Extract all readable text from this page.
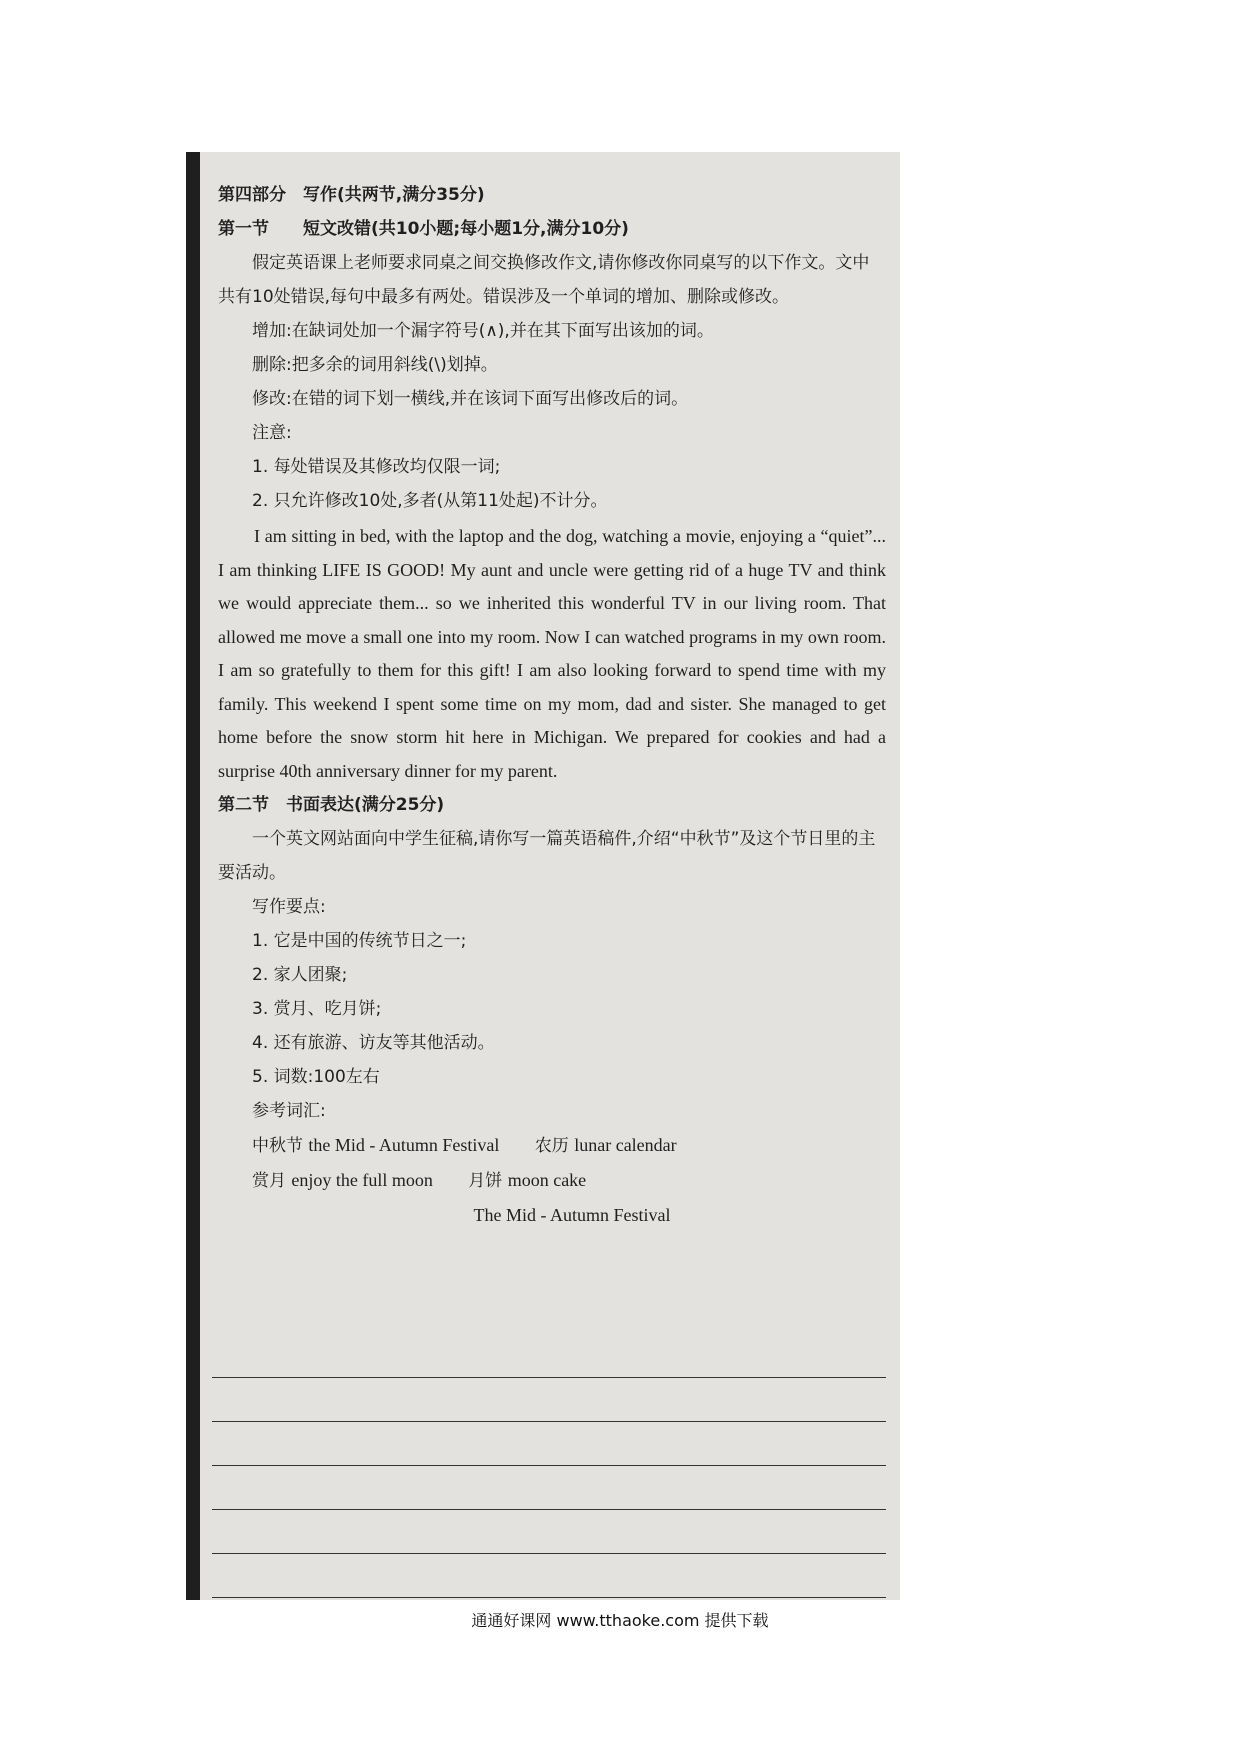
第四部分　写作(共两节,满分35分)

第一节　　短文改错(共10小题;每小题1分,满分10分)

假定英语课上老师要求同桌之间交换修改作文,请你修改你同桌写的以下作文。文中共有10处错误,每句中最多有两处。错误涉及一个单词的增加、删除或修改。

增加:在缺词处加一个漏字符号(∧),并在其下面写出该加的词。

删除:把多余的词用斜线(\)划掉。

修改:在错的词下划一横线,并在该词下面写出修改后的词。

注意:

1. 每处错误及其修改均仅限一词;

2. 只允许修改10处,多者(从第11处起)不计分。

I am sitting in bed, with the laptop and the dog, watching a movie, enjoying a “quiet”... I am thinking LIFE IS GOOD! My aunt and uncle were getting rid of a huge TV and think we would appreciate them... so we inherited this wonderful TV in our living room. That allowed me move a small one into my room. Now I can watched programs in my own room. I am so gratefully to them for this gift! I am also looking forward to spend time with my family. This weekend I spent some time on my mom, dad and sister. She managed to get home before the snow storm hit here in Michigan. We prepared for cookies and had a surprise 40th anniversary dinner for my parent.

第二节　书面表达(满分25分)

一个英文网站面向中学生征稿,请你写一篇英语稿件,介绍“中秋节”及这个节日里的主要活动。

写作要点:

1. 它是中国的传统节日之一;

2. 家人团聚;

3. 赏月、吃月饼;

4. 还有旅游、访友等其他活动。

5. 词数:100左右

参考词汇:

中秋节 the Mid - Autumn Festival 农历 lunar calendar

赏月 enjoy the full moon 月饼 moon cake

The Mid - Autumn Festival

通通好课网 www.tthaoke.com 提供下载
